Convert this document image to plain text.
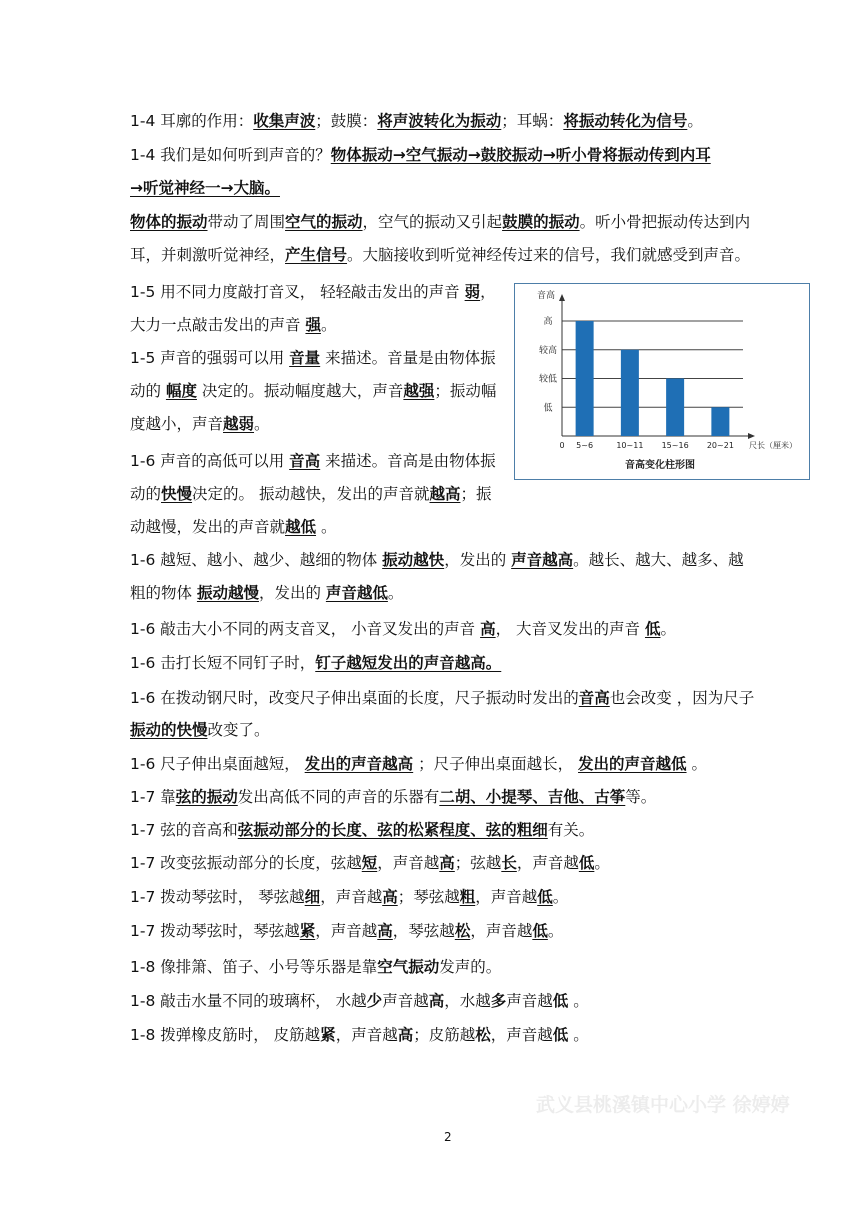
1-4 耳廓的作用：收集声波；鼓膜：将声波转化为振动；耳蜗：将振动转化为信号。
1-4 我们是如何听到声音的？物体振动→空气振动→鼓胶振动→听小骨将振动传到内耳
→听觉神经一→大脑。
物体的振动带动了周围空气的振动，空气的振动又引起鼓膜的振动。听小骨把振动传达到内
耳，并刺激听觉神经，产生信号。大脑接收到听觉神经传过来的信号，我们就感受到声音。
1-5 用不同力度敲打音叉， 轻轻敲击发出的声音 弱，
大力一点敲击发出的声音 强。
1-5 声音的强弱可以用 音量 来描述。音量是由物体振
动的 幅度 决定的。振动幅度越大，声音越强；振动幅
度越小，声音越弱。
1-6 声音的高低可以用 音高 来描述。音高是由物体振
动的快慢决定的。 振动越快，发出的声音就越高；振
动越慢，发出的声音就越低 。
1-6 越短、越小、越少、越细的物体 振动越快，发出的 声音越高。越长、越大、越多、越
粗的物体 振动越慢，发出的 声音越低。
1-6 敲击大小不同的两支音叉， 小音叉发出的声音 高， 大音叉发出的声音 低。
1-6 击打长短不同钉子时，钉子越短发出的声音越高。
1-6 在拨动钢尺时，改变尺子伸出桌面的长度，尺子振动时发出的音高也会改变 ，因为尺子
振动的快慢改变了。
1-6 尺子伸出桌面越短， 发出的声音越高 ；尺子伸出桌面越长， 发出的声音越低 。
1-7 靠弦的振动发出高低不同的声音的乐器有二胡、小提琴、吉他、古筝等。
1-7 弦的音高和弦振动部分的长度、弦的松紧程度、弦的粗细有关。
1-7 改变弦振动部分的长度，弦越短，声音越高；弦越长，声音越低。
1-7 拨动琴弦时， 琴弦越细，声音越高；琴弦越粗，声音越低。
1-7 拨动琴弦时，琴弦越紧，声音越高，琴弦越松，声音越低。
1-8 像排箫、笛子、小号等乐器是靠空气振动发声的。
1-8 敲击水量不同的玻璃杯， 水越少声音越高，水越多声音越低 。
1-8 拨弹橡皮筋时， 皮筋越紧，声音越高；皮筋越松，声音越低 。
音高
低
较低
较高
高
5~6	10~11 15~16 20~21
0	尺长（厘米）
音高变化柱形图
武义县桃溪镇中心小学 徐婷婷
2
